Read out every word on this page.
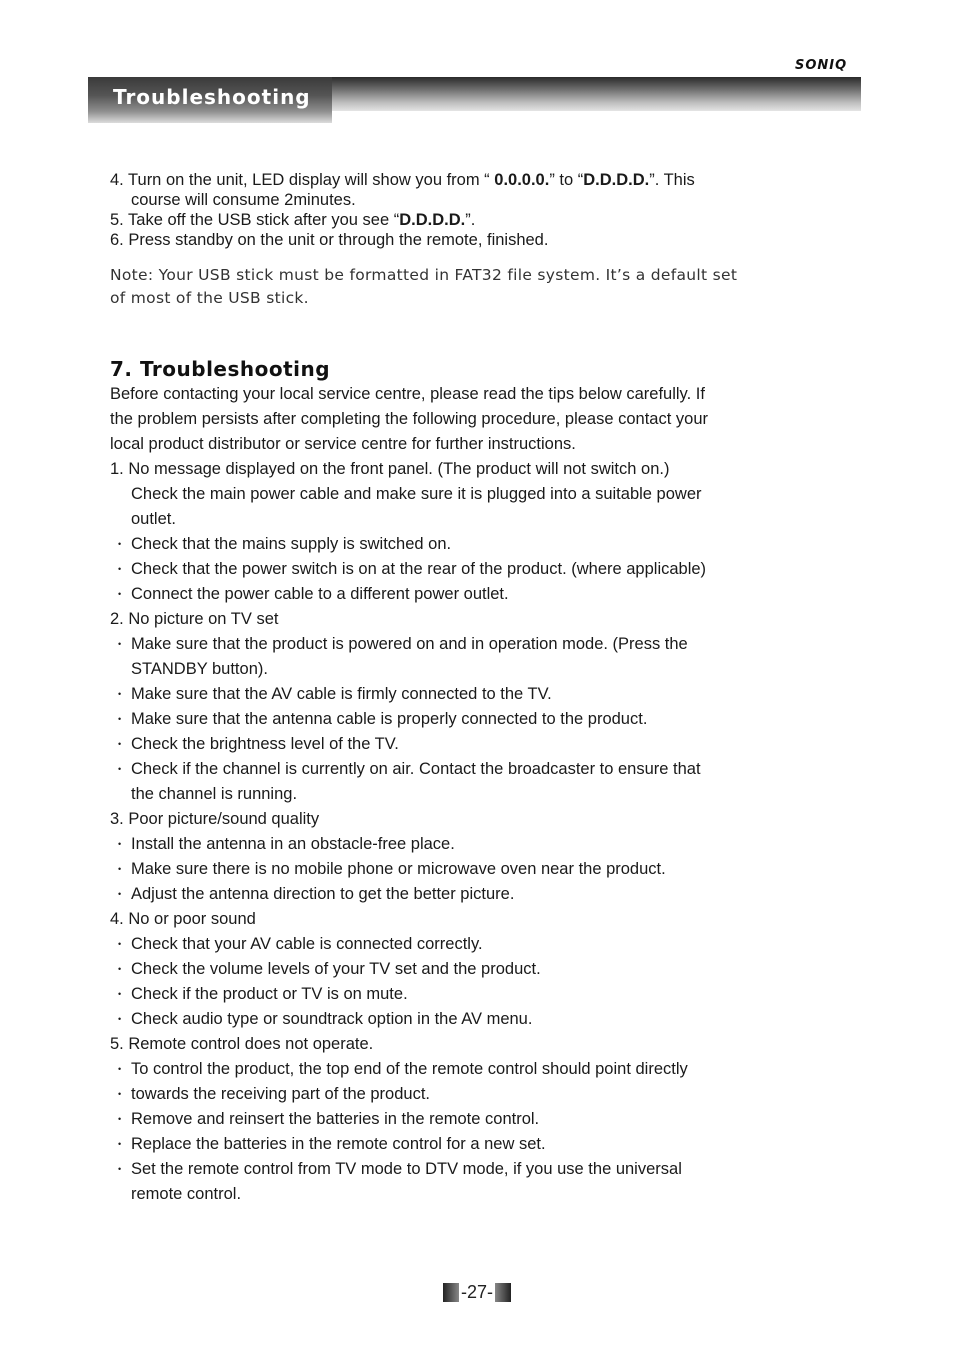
SONIQ
Troubleshooting
4. Turn on the unit, LED display will show you from “ 0.0.0.0.” to “D.D.D.D.”. This
course will consume 2minutes.
5. Take off the USB stick after you see “D.D.D.D.”.
6. Press standby on the unit or through the remote, finished.
Note: Your USB stick must be formatted in FAT32 file system. It’s a default set
of most of the USB stick.
7. Troubleshooting
Before contacting your local service centre, please read the tips below carefully. If
the problem persists after completing the following procedure, please contact your
local product distributor or service centre for further instructions.
1. No message displayed on the front panel. (The product will not switch on.)
Check the main power cable and make sure it is plugged into a suitable power
outlet.
• Check that the mains supply is switched on.
• Check that the power switch is on at the rear of the product. (where applicable)
• Connect the power cable to a different power outlet.
2. No picture on TV set
• Make sure that the product is powered on and in operation mode. (Press the
STANDBY button).
• Make sure that the AV cable is firmly connected to the TV.
• Make sure that the antenna cable is properly connected to the product.
• Check the brightness level of the TV.
• Check if the channel is currently on air. Contact the broadcaster to ensure that
the channel is running.
3. Poor picture/sound quality
• Install the antenna in an obstacle-free place.
• Make sure there is no mobile phone or microwave oven near the product.
• Adjust the antenna direction to get the better picture.
4. No or poor sound
• Check that your AV cable is connected correctly.
• Check the volume levels of your TV set and the product.
• Check if the product or TV is on mute.
• Check audio type or soundtrack option in the AV menu.
5. Remote control does not operate.
• To control the product, the top end of the remote control should point directly
• towards the receiving part of the product.
• Remove and reinsert the batteries in the remote control.
• Replace the batteries in the remote control for a new set.
• Set the remote control from TV mode to DTV mode, if you use the universal
remote control.
-27-
